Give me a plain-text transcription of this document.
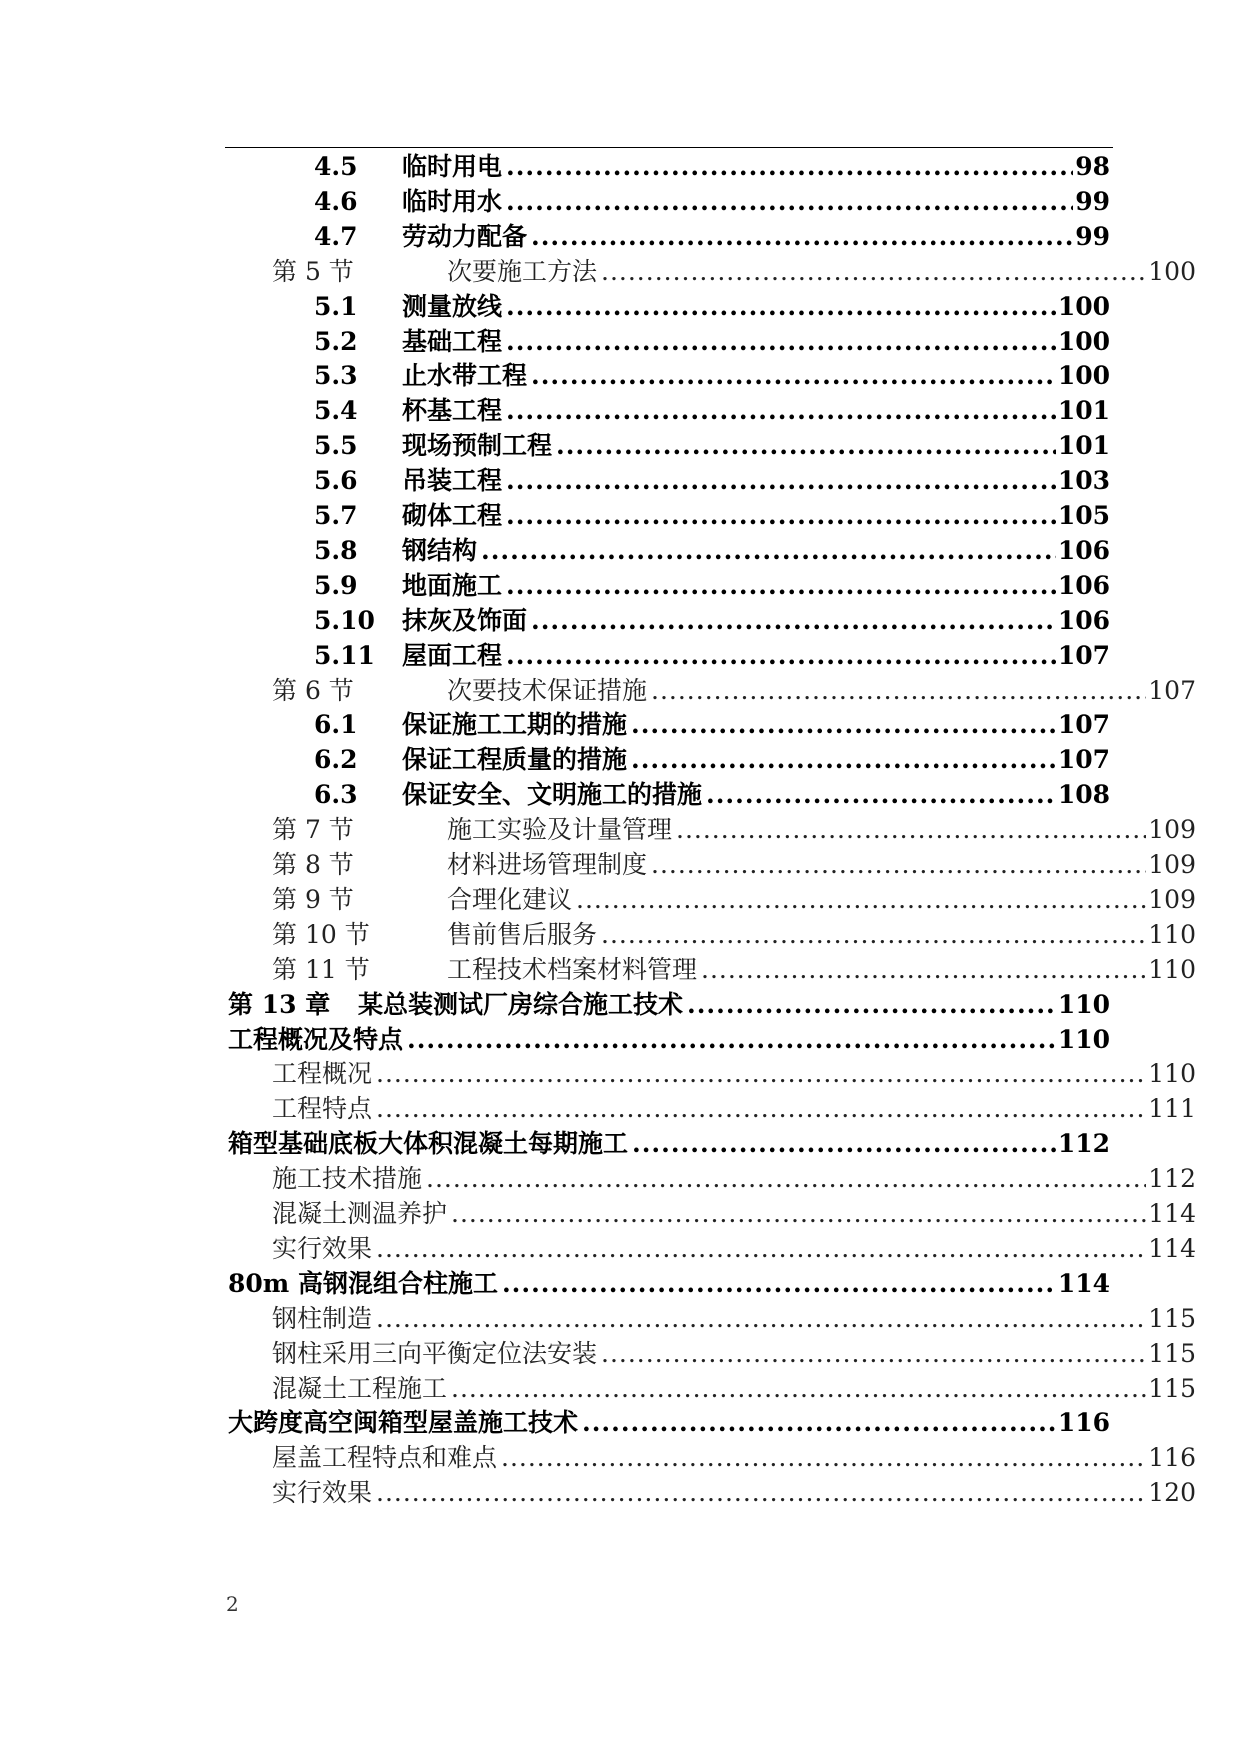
4.5	临时用电 .....	98
4.6	临时用水 .....	99
4.7	劳动力配备 .....	99
第 5 节	次要施工方法 .....	100
5.1	测量放线 .....	100
5.2	基础工程 .....	100
5.3	止水带工程 .....	100
5.4	杯基工程 .....	101
5.5	现场预制工程 .....	101
5.6	吊装工程 .....	103
5.7	砌体工程 .....	105
5.8	钢结构 .....	106
5.9	地面施工 .....	106
5.10	抹灰及饰面 .....	106
5.11	屋面工程 .....	107
第 6 节	次要技术保证措施 .....	107
6.1	保证施工工期的措施 .....	107
6.2	保证工程质量的措施 .....	107
6.3	保证安全、文明施工的措施 .....	108
第 7 节	施工实验及计量管理 .....	109
第 8 节	材料进场管理制度 .....	109
第 9 节	合理化建议 .....	109
第 10 节	售前售后服务 .....	110
第 11 节	工程技术档案材料管理 .....	110
第 13 章	某总装测试厂房综合施工技术 .....	110
工程概况及特点 .....	110
工程概况 .....	110
工程特点 .....	111
箱型基础底板大体积混凝土每期施工 .....	112
施工技术措施 .....	112
混凝土测温养护 .....	114
实行效果 .....	114
80m 高钢混组合柱施工 .....	114
钢柱制造 .....	115
钢柱采用三向平衡定位法安装 .....	115
混凝土工程施工 .....	115
大跨度高空闽箱型屋盖施工技术 .....	116
屋盖工程特点和难点 .....	116
实行效果 .....	120
2
